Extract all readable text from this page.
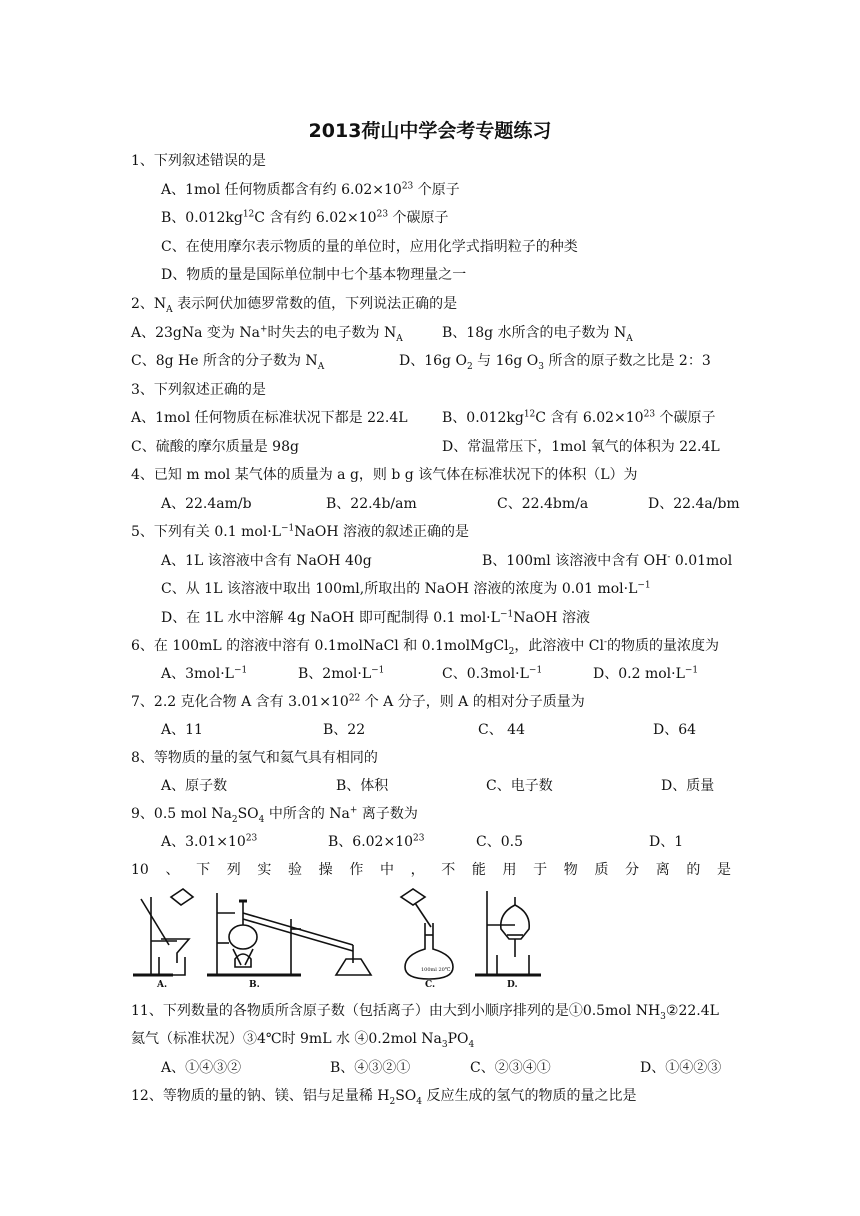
2013荷山中学会考专题练习
1、下列叙述错误的是
A、1mol 任何物质都含有约 $6.02\times 10^{23}$ 个原子
B、$0.012kg^{12}C$ 含有约 $6.02\times 10^{23}$ 个碳原子
C、在使用摩尔表示物质的量的单位时，应用化学式指明粒子的种类
D、物质的量是国际单位制中七个基本物理量之一
2、$N_A$ 表示阿伏加德罗常数的值，下列说法正确的是
A、23gNa 变为 Na+时失去的电子数为 $N_A$	B、18g 水所含的电子数为 $N_A$
C、8g He 所含的分子数为 $N_A$	D、16g $O_2$ 与 16g $O_3$ 所含的原子数之比是 2：3
3、下列叙述正确的是
A、1mol 任何物质在标准状况下都是 22.4L B、$0.012kg^{12}C$ 含有 $6.02\times 10^{23}$ 个碳原子
C、硫酸的摩尔质量是 98g	D、常温常压下，1mol 氧气的体积为 22.4L
4、已知 m mol 某气体的质量为 a g，则 b g 该气体在标准状况下的体积（L）为
A、22.4am/b	B、22.4b/am	C、22.4bm/a	D、22.4a/bm
5、下列有关 0.1 $mol\cdot L^{-1}NaOH$ 溶液的叙述正确的是
A、1L 该溶液中含有 NaOH 40g	B、100ml 该溶液中含有 OH- 0.01mol
C、从 1L 该溶液中取出 100ml,所取出的 NaOH 溶液的浓度为 0.01 $mol\cdot L^{-1}$
D、在 1L 水中溶解 4g NaOH 即可配制得 0.1 $mol\cdot L^{-1}NaOH$ 溶液
6、在 100mL 的溶液中溶有 0.1molNaCl 和 0.1molMgCl$_2$，此溶液中 Cl-的物质的量浓度为
A、$3mol\cdot L^{-1}$	B、$2mol\cdot L^{-1}$	C、$0.3mol\cdot L^{-1}$	D、0.2 $mol\cdot L^{-1}$
7、2.2 克化合物 A 含有 $3.01\times 10^{22}$ 个 A 分子，则 A 的相对分子质量为
A、11	B、22	C、 44	D、64
8、等物质的量的氢气和氦气具有相同的
A、原子数	B、体积	C、电子数	D、质量
9、0.5 mol $Na_2SO_4$ 中所含的 Na+ 离子数为
A、$3.01\times 10^{23}$	B、$6.02\times 10^{23}$	C、0.5	D、1
10 、 下 列 实 验 操 作 中 ， 不 能 用 于 物 质 分 离 的 是
100ml 20℃
A.	B.	C.	D.
11、下列数量的各物质所含原子数（包括离子）由大到小顺序排列的是①0.5mol $NH_3②22.4L$
氦气（标准状况）③4℃时 9mL 水 ④0.2mol $Na_3PO_4$
A、①④③②	B、④③②①	C、②③④①	D、①④②③
12、等物质的量的钠、镁、铝与足量稀 $H_2SO_4$ 反应生成的氢气的物质的量之比是
